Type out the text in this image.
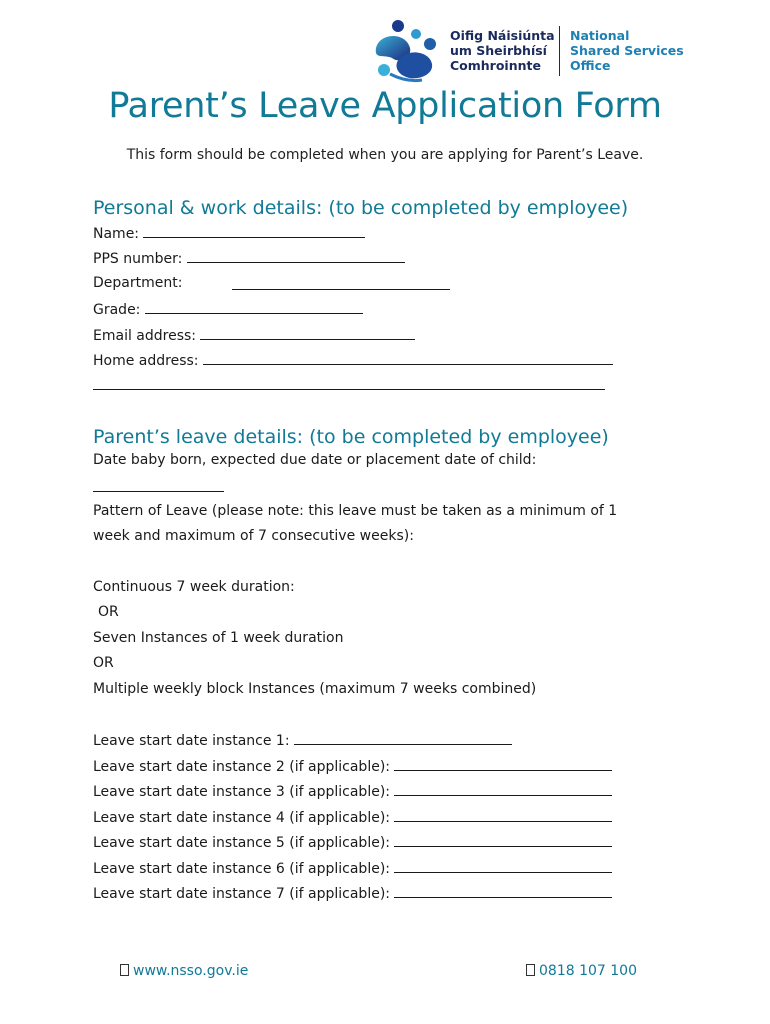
Oifig Náisiúnta
um Sheirbhísí
Comhroinnte
National
Shared Services
Office
Parent’s Leave Application Form
This form should be completed when you are applying for Parent’s Leave.
Personal & work details: (to be completed by employee)
Name:
PPS number:
Department:
Grade:
Email address:
Home address:
Parent’s leave details: (to be completed by employee)
Date baby born, expected due date or placement date of child:
Pattern of Leave (please note: this leave must be taken as a minimum of 1
week and maximum of 7 consecutive weeks):
Continuous 7 week duration:
OR
Seven Instances of 1 week duration
OR
Multiple weekly block Instances (maximum 7 weeks combined)
Leave start date instance 1:
Leave start date instance 2 (if applicable):
Leave start date instance 3 (if applicable):
Leave start date instance 4 (if applicable):
Leave start date instance 5 (if applicable):
Leave start date instance 6 (if applicable):
Leave start date instance 7 (if applicable):
www.nsso.gov.ie	0818 107 100
